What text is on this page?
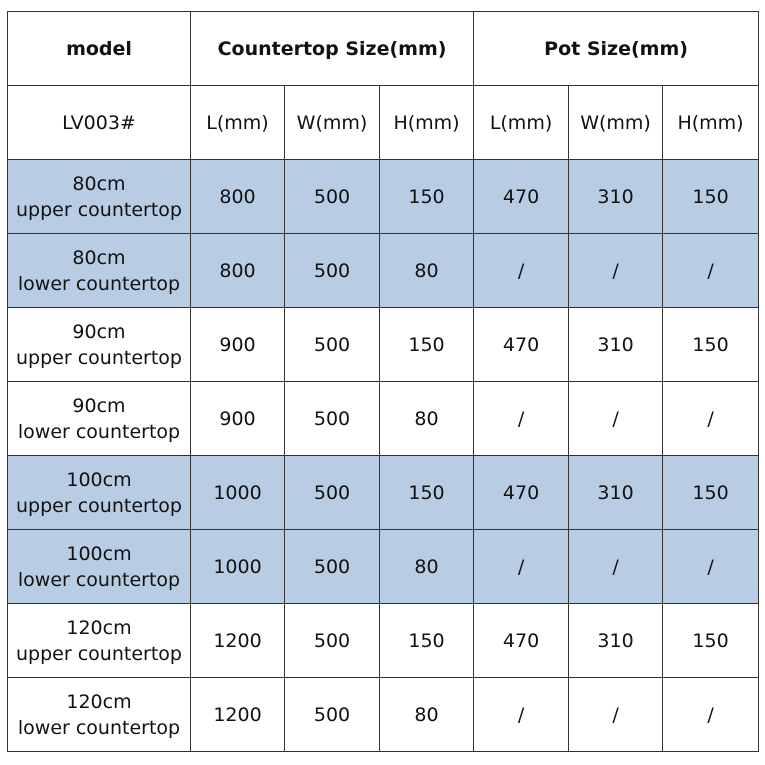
model	Countertop Size(mm)			Pot Size(mm)		
LV003#	L(mm)	W(mm)	H(mm)	L(mm)	W(mm)	H(mm)

80cm
upper countertop	800	500	150	470	310	150

80cm
lower countertop	800	500	80	/	/	/

90cm
upper countertop	900	500	150	470	310	150

90cm
lower countertop	900	500	80	/	/	/

100cm
upper countertop	1000	500	150	470	310	150

100cm
lower countertop	1000	500	80	/	/	/

120cm
upper countertop	1200	500	150	470	310	150

120cm
lower countertop	1200	500	80	/	/	/
